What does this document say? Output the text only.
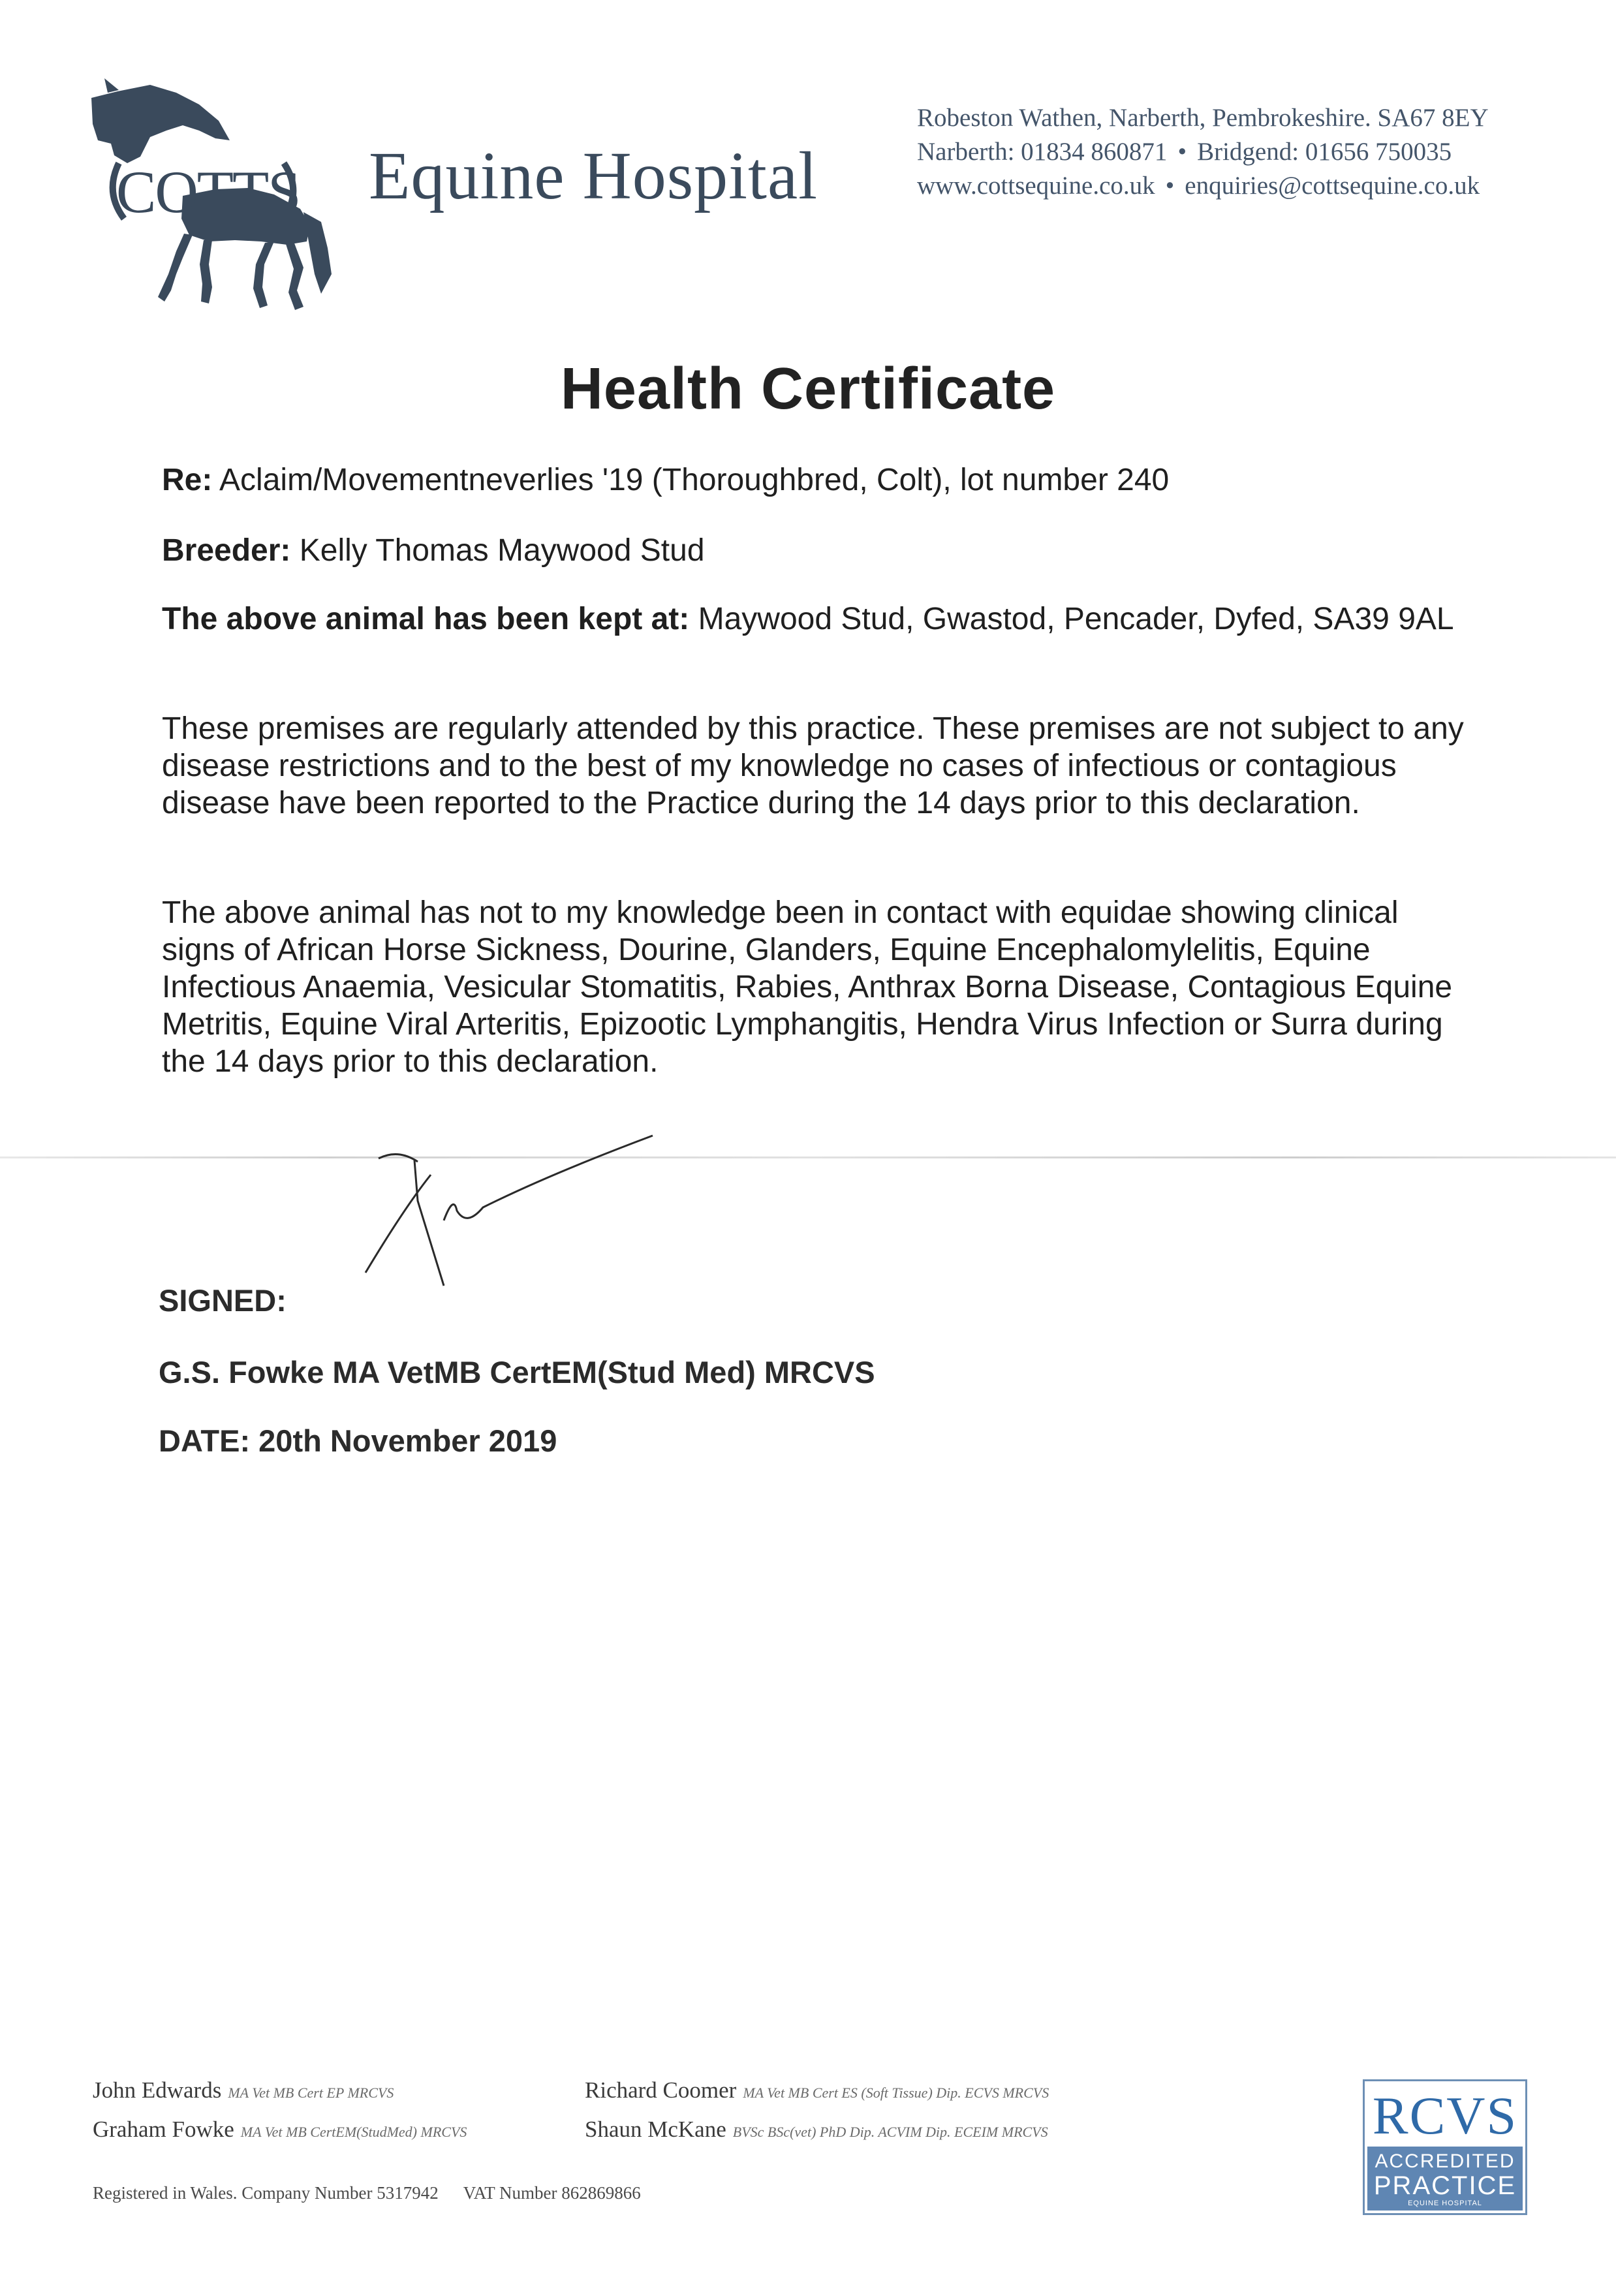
COTTS Equine Hospital
Robeston Wathen, Narberth, Pembrokeshire. SA67 8EY
Narberth: 01834 860871 • Bridgend: 01656 750035
www.cottsequine.co.uk • enquiries@cottsequine.co.uk
Health Certificate
Re: Aclaim/Movementneverlies '19 (Thoroughbred, Colt), lot number 240
Breeder: Kelly Thomas Maywood Stud
The above animal has been kept at: Maywood Stud, Gwastod, Pencader, Dyfed, SA39 9AL
These premises are regularly attended by this practice. These premises are not subject to any disease restrictions and to the best of my knowledge no cases of infectious or contagious disease have been reported to the Practice during the 14 days prior to this declaration.
The above animal has not to my knowledge been in contact with equidae showing clinical signs of African Horse Sickness, Dourine, Glanders, Equine Encephalomylelitis, Equine Infectious Anaemia, Vesicular Stomatitis, Rabies, Anthrax Borna Disease, Contagious Equine Metritis, Equine Viral Arteritis, Epizootic Lymphangitis, Hendra Virus Infection or Surra during the 14 days prior to this declaration.
SIGNED:
G.S. Fowke MA VetMB CertEM(Stud Med) MRCVS
DATE: 20th November 2019
John Edwards MA Vet MB Cert EP MRCVS
Graham Fowke MA Vet MB CertEM(StudMed) MRCVS
Richard Coomer MA Vet MB Cert ES (Soft Tissue) Dip. ECVS MRCVS
Shaun McKane BVSc BSc(vet) PhD Dip. ACVIM Dip. ECEIM MRCVS
Registered in Wales. Company Number 5317942 VAT Number 862869866
RCVS
ACCREDITED
PRACTICE
EQUINE HOSPITAL
